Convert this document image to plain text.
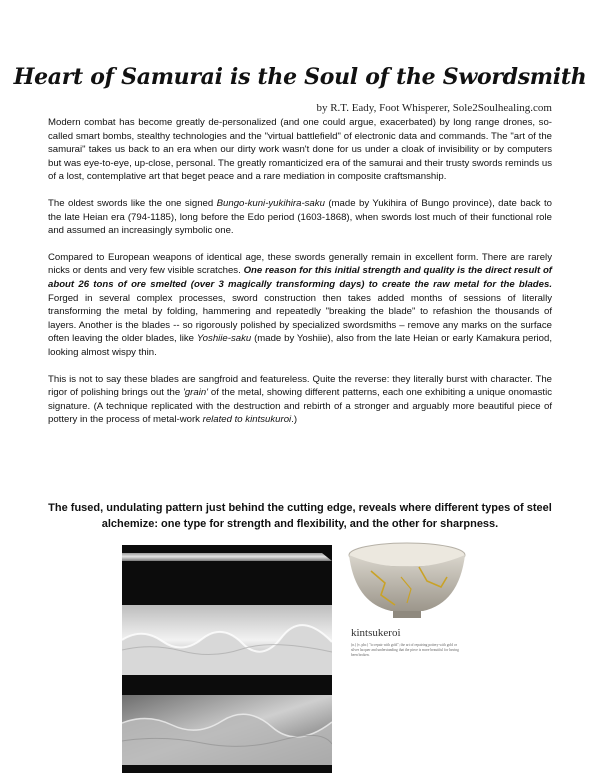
Heart of Samurai is the Soul of the Swordsmith

by R.T. Eady, Foot Whisperer, Sole2Soulhealing.com

Modern combat has become greatly de-personalized (and one could argue, exacerbated) by long range drones, so-called smart bombs, stealthy technologies and the "virtual battlefield" of electronic data and commands. The "art of the samurai" takes us back to an era when our dirty work wasn't done for us under a cloak of invisibility or by computers but was eye-to-eye, up-close, personal. The greatly romanticized era of the samurai and their trusty swords reminds us of a lost, contemplative art that beget peace and a rare mediation in composite craftsmanship.

The oldest swords like the one signed Bungo-kuni-yukihira-saku (made by Yukihira of Bungo province), date back to the late Heian era (794-1185), long before the Edo period (1603-1868), when swords lost much of their functional role and assumed an increasingly symbolic one.

Compared to European weapons of identical age, these swords generally remain in excellent form. There are rarely nicks or dents and very few visible scratches. One reason for this initial strength and quality is the direct result of about 26 tons of ore smelted (over 3 magically transforming days) to create the raw metal for the blades. Forged in several complex processes, sword construction then takes added months of sessions of literally transforming the metal by folding, hammering and repeatedly "breaking the blade" to refashion the thousands of layers. Another is the blades -- so rigorously polished by specialized swordsmiths – remove any marks on the surface often leaving the older blades, like Yoshiie-saku (made by Yoshiie), also from the late Heian or early Kamakura period, looking almost wispy thin.

This is not to say these blades are sangfroid and featureless. Quite the reverse: they literally burst with character. The rigor of polishing brings out the 'grain' of the metal, showing different patterns, each one exhibiting a unique onomastic signature. (A technique replicated with the destruction and rebirth of a stronger and arguably more beautiful piece of pottery in the process of metal-work related to kintsukuroi.)

The fused, undulating pattern just behind the cutting edge, reveals where different types of steel alchemize: one type for strength and flexibility, and the other for sharpness.

kintsukeroi

(n.) (v. phr.) "to repair with gold"; the art of repairing pottery with gold or silver lacquer and understanding that the piece is more beautiful for having been broken.
